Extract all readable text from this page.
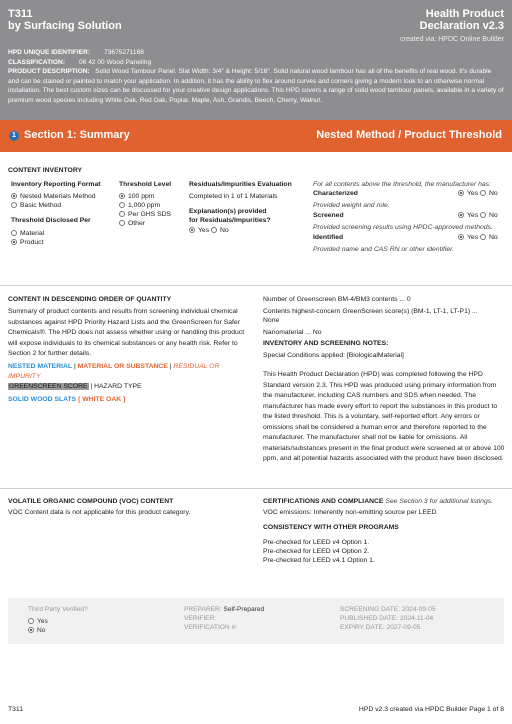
T311
by Surfacing Solution
Health Product
Declaration v2.3
created via: HPDC Online Builder
HPD UNIQUE IDENTIFIER: 73675271168
CLASSIFICATION: 06 42 00 Wood Paneling
PRODUCT DESCRIPTION: Solid Wood Tambour Panel. Slat Width: 3/4" & Height: 5/16". Solid natural wood tambour has all of the benefits of real wood. It's durable and can be stained or painted to match your application. In addition, it has the ability to flex around curves and corners giving a modern look to an otherwise normal installation. The best custom sizes can be discussed for your creative design applications. This HPD covers a range of solid wood tambour panels, available in a variety of premium wood species including White Oak, Red Oak, Poplar, Maple, Ash, Grandis, Beech, Cherry, Walnut.
1 Section 1: Summary	Nested Method / Product Threshold
CONTENT INVENTORY
Inventory Reporting Format
Nested Materials Method
Basic Method
Threshold Disclosed Per
Material
Product
Threshold Level
100 ppm
1,000 ppm
Per GHS SDS
Other
Residuals/Impurities Evaluation
Completed in 1 of 1 Materials
Explanation(s) provided
for Residuals/Impurities?
Yes No
For all contents above the threshold, the manufacturer has:
Characterized	Yes No
Provided weight and role.
Screened	Yes No
Provided screening results using HPDC-approved methods.
Identified	Yes No
Provided name and CAS RN or other identifier.
CONTENT IN DESCENDING ORDER OF QUANTITY
Summary of product contents and results from screening individual chemical substances against HPD Priority Hazard Lists and the GreenScreen for Safer Chemicals®. The HPD does not assess whether using or handling this product will expose individuals to its chemical substances or any health risk. Refer to Section 2 for further details.
NESTED MATERIAL | MATERIAL OR SUBSTANCE | RESIDUAL OR IMPURITY
GREENSCREEN SCORE | HAZARD TYPE
SOLID WOOD SLATS [ WHITE OAK ]
Number of Greenscreen BM-4/BM3 contents ... 0
Contents highest-concern GreenScreen score(s) (BM-1, LT-1, LT-P1) ...
None
Nanomaterial ... No
INVENTORY AND SCREENING NOTES:
Special Conditions applied: [BiologicalMaterial]
This Health Product Declaration (HPD) was completed following the HPD Standard version 2.3. This HPD was produced using primary information from the manufacturer, including CAS numbers and SDS when needed. The manufacturer has made every effort to report the substances in this product to the listed threshold. This is a voluntary, self-reported effort. Any errors or omissions shall be considered a human error and therefore reported to the manufacturer. The manufacturer shall not be liable for omissions. All materials/substances present in the final product were screened at or above 100 ppm, and all potential hazards associated with the product have been disclosed.
VOLATILE ORGANIC COMPOUND (VOC) CONTENT
VOC Content data is not applicable for this product category.
CERTIFICATIONS AND COMPLIANCE See Section 3 for additional listings.
VOC emissions: Inherently non-emitting source per LEED
CONSISTENCY WITH OTHER PROGRAMS
Pre-checked for LEED v4 Option 1.
Pre-checked for LEED v4 Option 2.
Pre-checked for LEED v4.1 Option 1.
Third Party Verified?
Yes
No
PREPARER: Self-Prepared
VERIFIER:
VERIFICATION #:
SCREENING DATE: 2024-09-05
PUBLISHED DATE: 2024-11-04
EXPIRY DATE: 2027-09-05
T311	HPD v2.3 created via HPDC Builder Page 1 of 8
